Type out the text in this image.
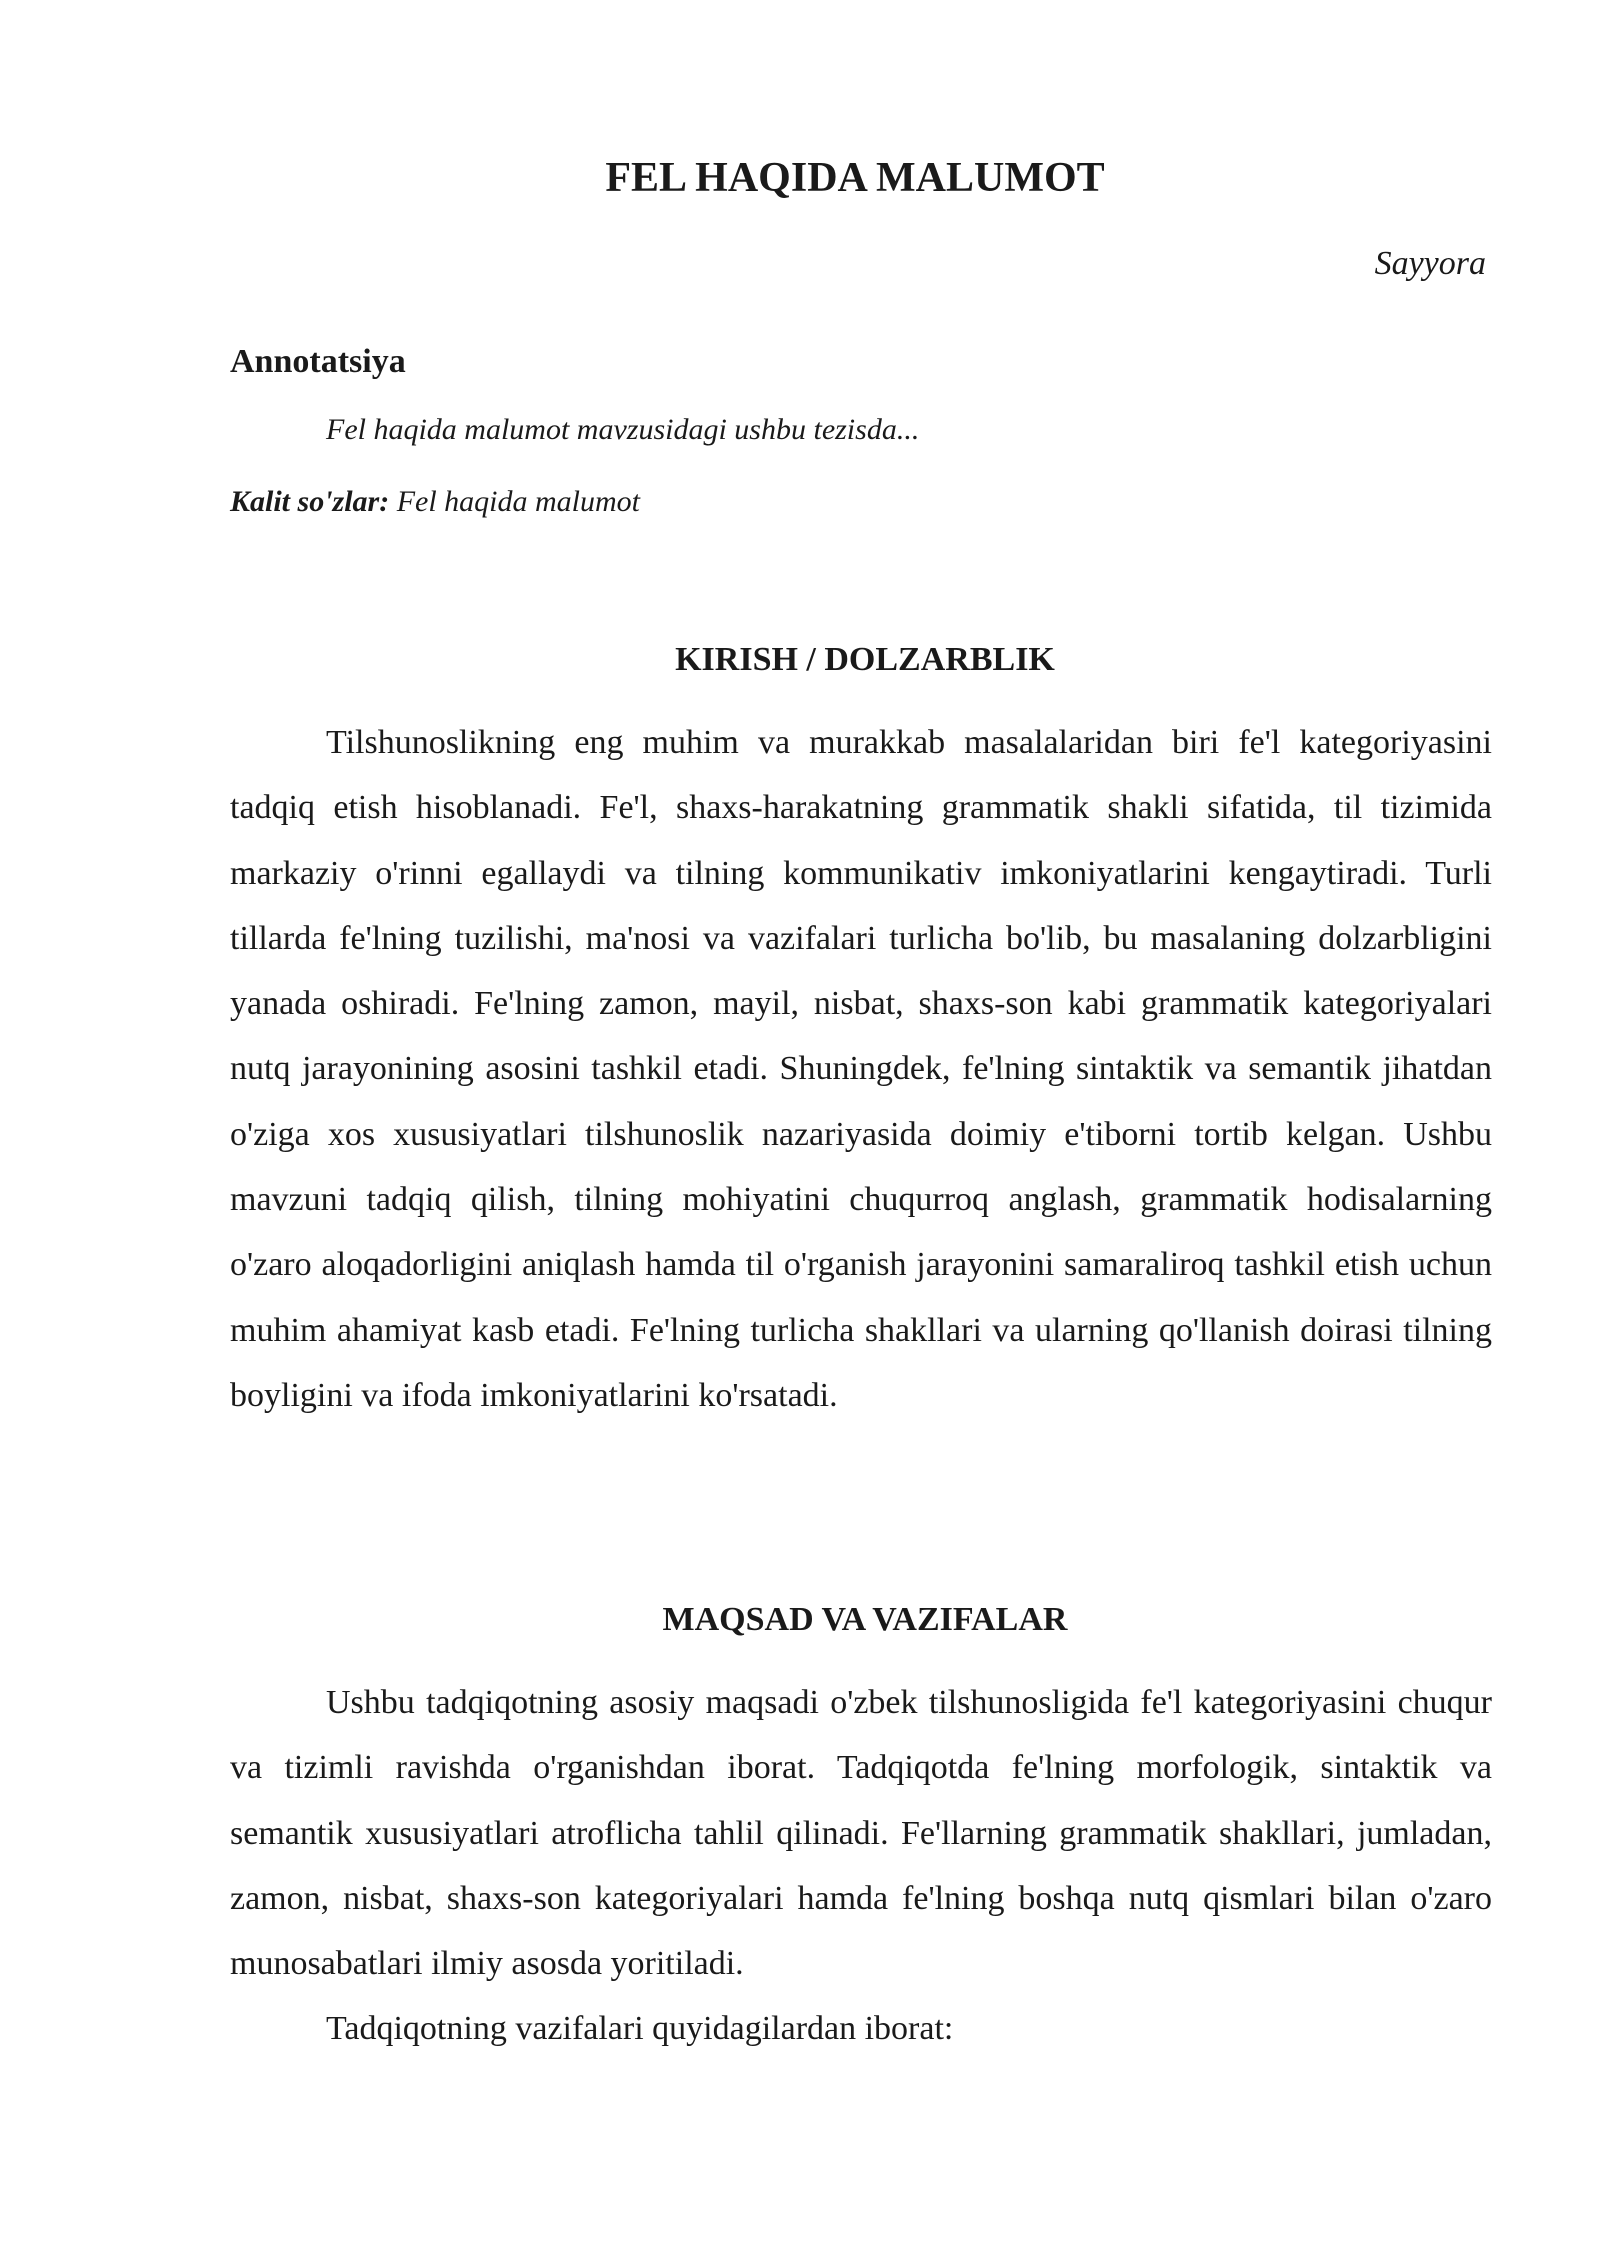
FEL HAQIDA MALUMOT

Sayyora

Annotatsiya

Fel haqida malumot mavzusidagi ushbu tezisda...

Kalit so'zlar: Fel haqida malumot

KIRISH / DOLZARBLIK

Tilshunoslikning eng muhim va murakkab masalalaridan biri fe'l kategoriyasini tadqiq etish hisoblanadi. Fe'l, shaxs-harakatning grammatik shakli sifatida, til tizimida markaziy o'rinni egallaydi va tilning kommunikativ imkoniyatlarini kengaytiradi. Turli tillarda fe'lning tuzilishi, ma'nosi va vazifalari turlicha bo'lib, bu masalaning dolzarbligini yanada oshiradi. Fe'lning zamon, mayil, nisbat, shaxs-son kabi grammatik kategoriyalari nutq jarayonining asosini tashkil etadi. Shuningdek, fe'lning sintaktik va semantik jihatdan o'ziga xos xususiyatlari tilshunoslik nazariyasida doimiy e'tiborni tortib kelgan. Ushbu mavzuni tadqiq qilish, tilning mohiyatini chuqurroq anglash, grammatik hodisalarning o'zaro aloqadorligini aniqlash hamda til o'rganish jarayonini samaraliroq tashkil etish uchun muhim ahamiyat kasb etadi. Fe'lning turlicha shakllari va ularning qo'llanish doirasi tilning boyligini va ifoda imkoniyatlarini ko'rsatadi.

MAQSAD VA VAZIFALAR

Ushbu tadqiqotning asosiy maqsadi o'zbek tilshunosligida fe'l kategoriyasini chuqur va tizimli ravishda o'rganishdan iborat. Tadqiqotda fe'lning morfologik, sintaktik va semantik xususiyatlari atroflicha tahlil qilinadi. Fe'llarning grammatik shakllari, jumladan, zamon, nisbat, shaxs-son kategoriyalari hamda fe'lning boshqa nutq qismlari bilan o'zaro munosabatlari ilmiy asosda yoritiladi.

Tadqiqotning vazifalari quyidagilardan iborat:
